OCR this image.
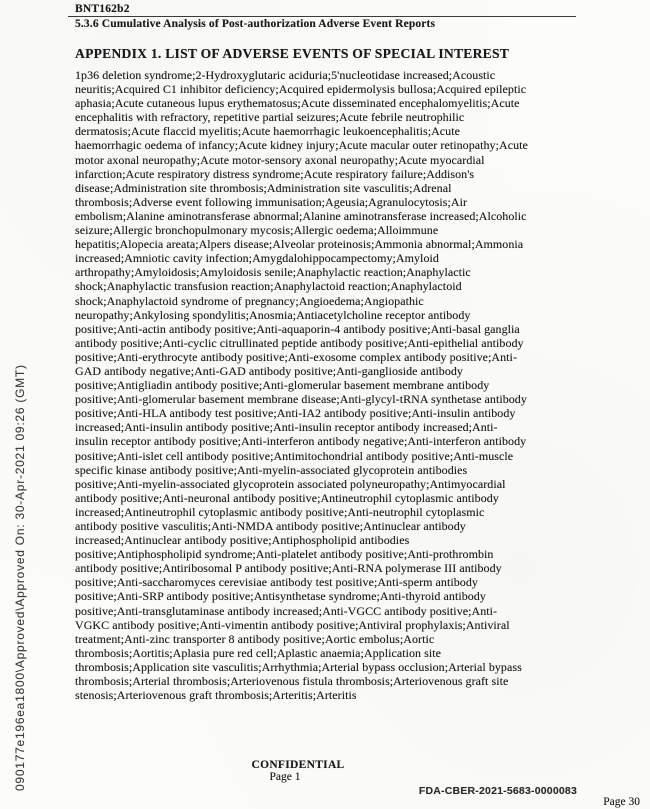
090177e196ea1800\Approved\Approved On: 30-Apr-2021 09:26 (GMT)
BNT162b2
5.3.6 Cumulative Analysis of Post-authorization Adverse Event Reports
APPENDIX 1. LIST OF ADVERSE EVENTS OF SPECIAL INTEREST
1p36 deletion syndrome;2-Hydroxyglutaric aciduria;5'nucleotidase increased;Acoustic
neuritis;Acquired C1 inhibitor deficiency;Acquired epidermolysis bullosa;Acquired epileptic
aphasia;Acute cutaneous lupus erythematosus;Acute disseminated encephalomyelitis;Acute
encephalitis with refractory, repetitive partial seizures;Acute febrile neutrophilic
dermatosis;Acute flaccid myelitis;Acute haemorrhagic leukoencephalitis;Acute
haemorrhagic oedema of infancy;Acute kidney injury;Acute macular outer retinopathy;Acute
motor axonal neuropathy;Acute motor-sensory axonal neuropathy;Acute myocardial
infarction;Acute respiratory distress syndrome;Acute respiratory failure;Addison's
disease;Administration site thrombosis;Administration site vasculitis;Adrenal
thrombosis;Adverse event following immunisation;Ageusia;Agranulocytosis;Air
embolism;Alanine aminotransferase abnormal;Alanine aminotransferase increased;Alcoholic
seizure;Allergic bronchopulmonary mycosis;Allergic oedema;Alloimmune
hepatitis;Alopecia areata;Alpers disease;Alveolar proteinosis;Ammonia abnormal;Ammonia
increased;Amniotic cavity infection;Amygdalohippocampectomy;Amyloid
arthropathy;Amyloidosis;Amyloidosis senile;Anaphylactic reaction;Anaphylactic
shock;Anaphylactic transfusion reaction;Anaphylactoid reaction;Anaphylactoid
shock;Anaphylactoid syndrome of pregnancy;Angioedema;Angiopathic
neuropathy;Ankylosing spondylitis;Anosmia;Antiacetylcholine receptor antibody
positive;Anti-actin antibody positive;Anti-aquaporin-4 antibody positive;Anti-basal ganglia
antibody positive;Anti-cyclic citrullinated peptide antibody positive;Anti-epithelial antibody
positive;Anti-erythrocyte antibody positive;Anti-exosome complex antibody positive;Anti-
GAD antibody negative;Anti-GAD antibody positive;Anti-ganglioside antibody
positive;Antigliadin antibody positive;Anti-glomerular basement membrane antibody
positive;Anti-glomerular basement membrane disease;Anti-glycyl-tRNA synthetase antibody
positive;Anti-HLA antibody test positive;Anti-IA2 antibody positive;Anti-insulin antibody
increased;Anti-insulin antibody positive;Anti-insulin receptor antibody increased;Anti-
insulin receptor antibody positive;Anti-interferon antibody negative;Anti-interferon antibody
positive;Anti-islet cell antibody positive;Antimitochondrial antibody positive;Anti-muscle
specific kinase antibody positive;Anti-myelin-associated glycoprotein antibodies
positive;Anti-myelin-associated glycoprotein associated polyneuropathy;Antimyocardial
antibody positive;Anti-neuronal antibody positive;Antineutrophil cytoplasmic antibody
increased;Antineutrophil cytoplasmic antibody positive;Anti-neutrophil cytoplasmic
antibody positive vasculitis;Anti-NMDA antibody positive;Antinuclear antibody
increased;Antinuclear antibody positive;Antiphospholipid antibodies
positive;Antiphospholipid syndrome;Anti-platelet antibody positive;Anti-prothrombin
antibody positive;Antiribosomal P antibody positive;Anti-RNA polymerase III antibody
positive;Anti-saccharomyces cerevisiae antibody test positive;Anti-sperm antibody
positive;Anti-SRP antibody positive;Antisynthetase syndrome;Anti-thyroid antibody
positive;Anti-transglutaminase antibody increased;Anti-VGCC antibody positive;Anti-
VGKC antibody positive;Anti-vimentin antibody positive;Antiviral prophylaxis;Antiviral
treatment;Anti-zinc transporter 8 antibody positive;Aortic embolus;Aortic
thrombosis;Aortitis;Aplasia pure red cell;Aplastic anaemia;Application site
thrombosis;Application site vasculitis;Arrhythmia;Arterial bypass occlusion;Arterial bypass
thrombosis;Arterial thrombosis;Arteriovenous fistula thrombosis;Arteriovenous graft site
stenosis;Arteriovenous graft thrombosis;Arteritis;Arteritis
CONFIDENTIAL
Page 1
FDA-CBER-2021-5683-0000083
Page 30
